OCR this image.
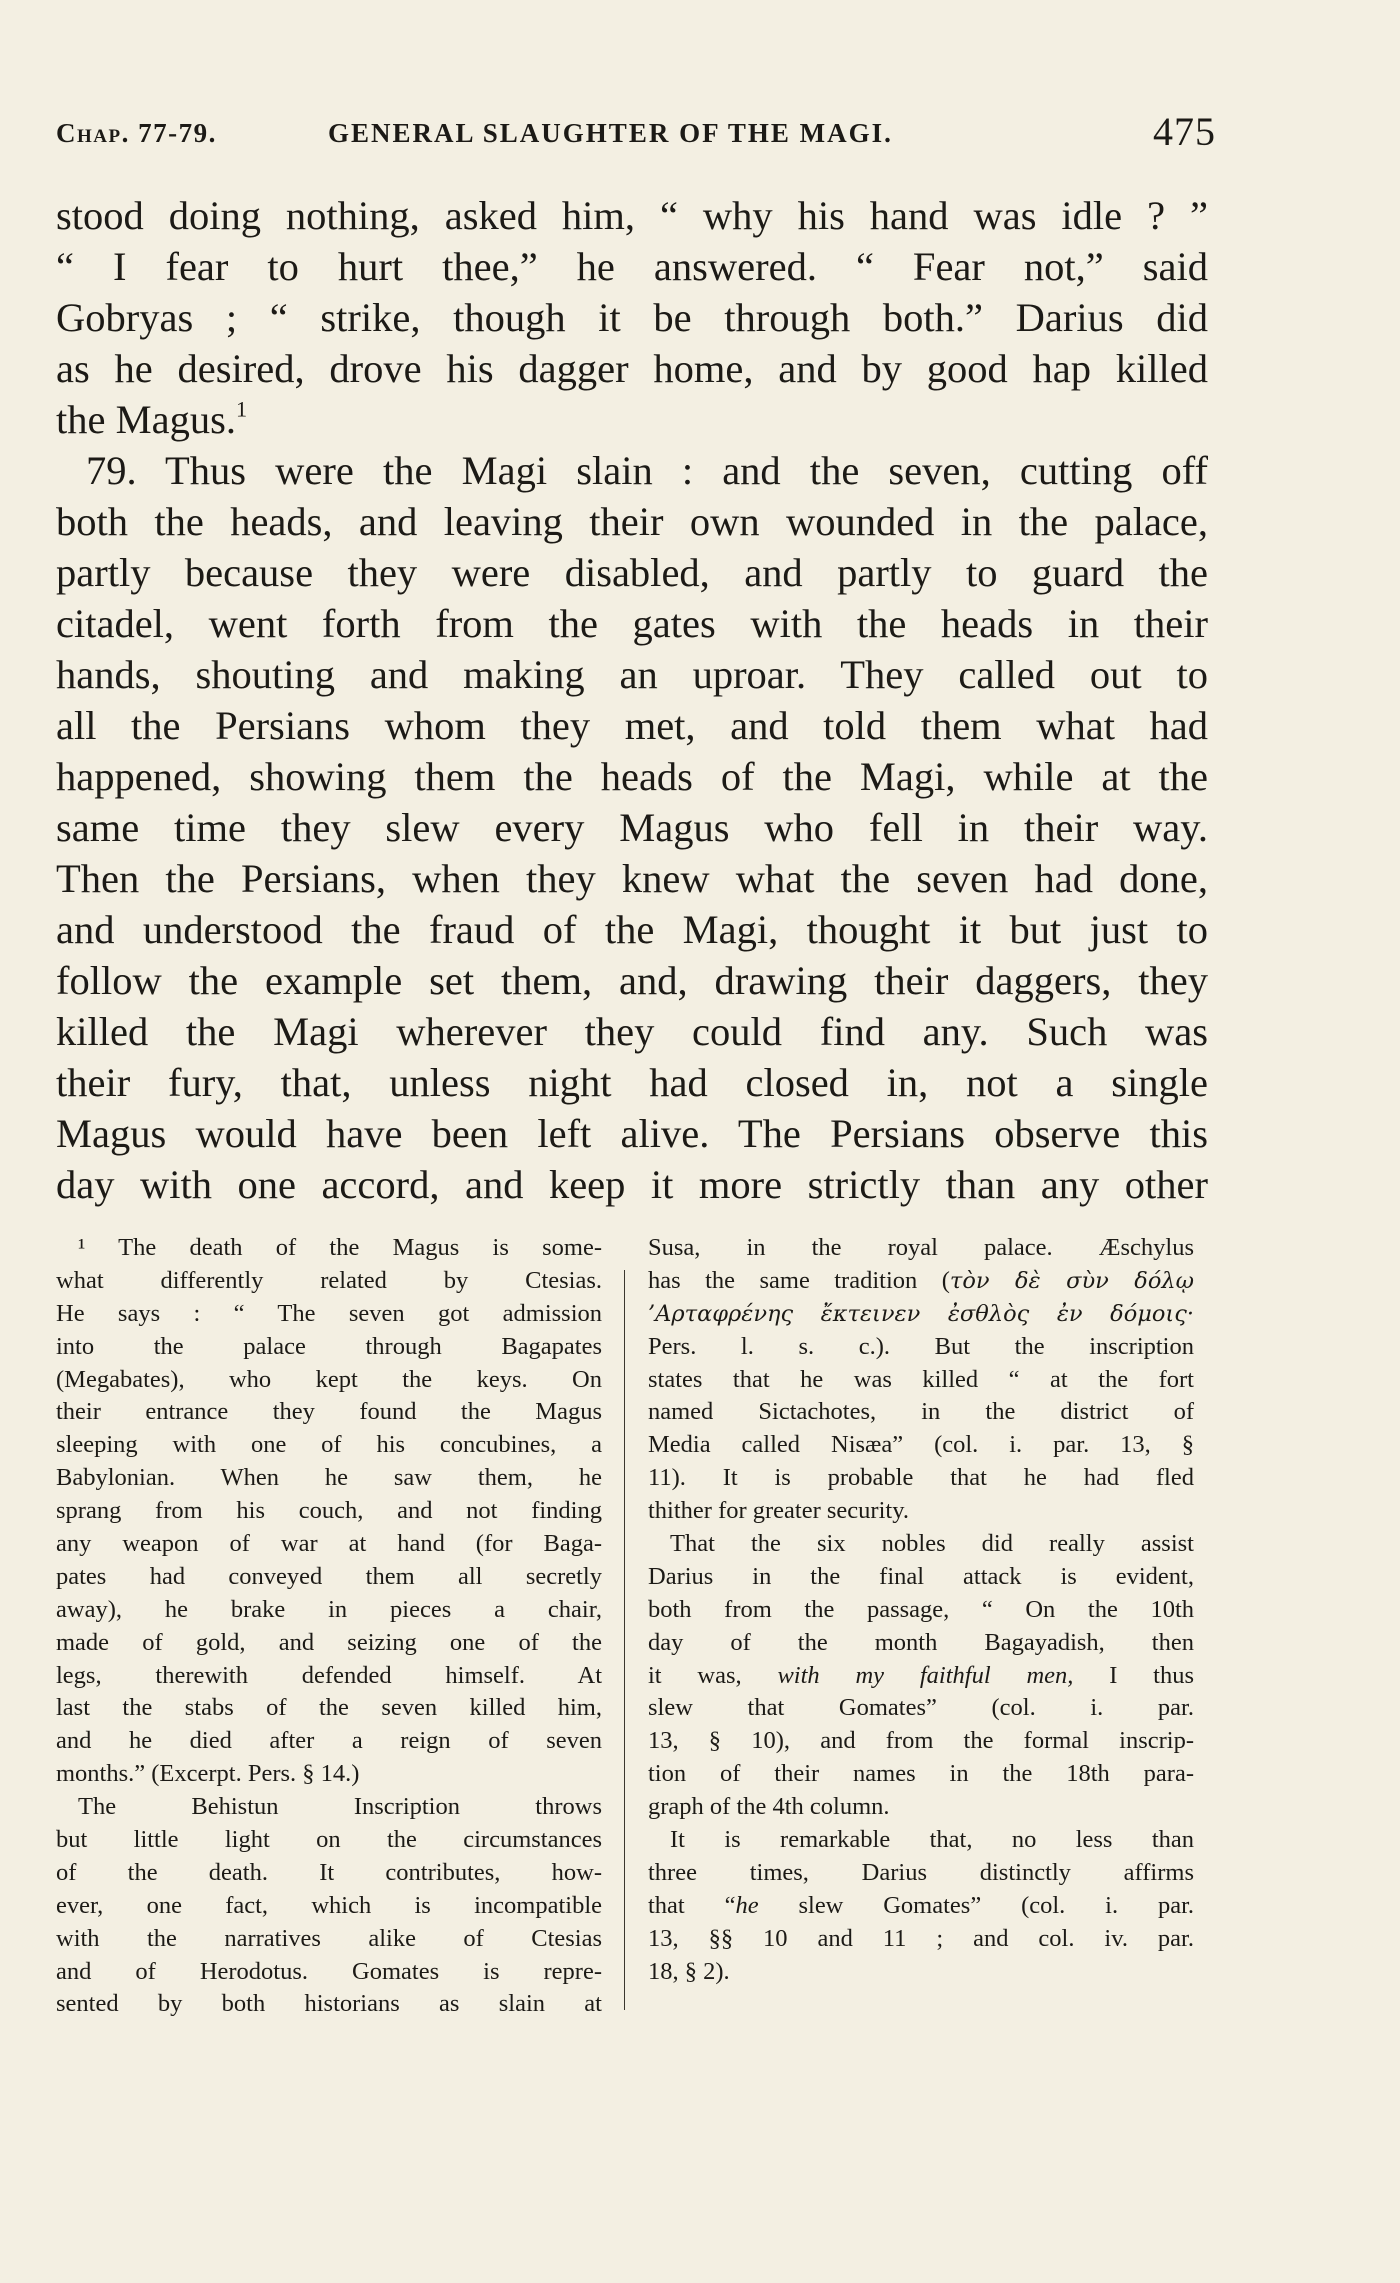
Chap. 77-79.	GENERAL SLAUGHTER OF THE MAGI.	475
stood doing nothing, asked him, “ why his hand was idle ? ”
“ I fear to hurt thee,” he answered. “ Fear not,” said
Gobryas ; “ strike, though it be through both.” Darius did
as he desired, drove his dagger home, and by good hap killed
the Magus.$^1$
79. Thus were the Magi slain : and the seven, cutting off
both the heads, and leaving their own wounded in the palace,
partly because they were disabled, and partly to guard the
citadel, went forth from the gates with the heads in their
hands, shouting and making an uproar. They called out to
all the Persians whom they met, and told them what had
happened, showing them the heads of the Magi, while at the
same time they slew every Magus who fell in their way.
Then the Persians, when they knew what the seven had done,
and understood the fraud of the Magi, thought it but just to
follow the example set them, and, drawing their daggers, they
killed the Magi wherever they could find any. Such was
their fury, that, unless night had closed in, not a single
Magus would have been left alive. The Persians observe this
day with one accord, and keep it more strictly than any other
¹ The death of the Magus is some-
what differently related by Ctesias.
He says : “ The seven got admission
into the palace through Bagapates
(Megabates), who kept the keys. On
their entrance they found the Magus
sleeping with one of his concubines, a
Babylonian. When he saw them, he
sprang from his couch, and not finding
any weapon of war at hand (for Baga-
pates had conveyed them all secretly
away), he brake in pieces a chair,
made of gold, and seizing one of the
legs, therewith defended himself. At
last the stabs of the seven killed him,
and he died after a reign of seven
months.” (Excerpt. Pers. § 14.)
The Behistun Inscription throws
but little light on the circumstances
of the death. It contributes, how-
ever, one fact, which is incompatible
with the narratives alike of Ctesias
and of Herodotus. Gomates is repre-
sented by both historians as slain at
Susa, in the royal palace. Æschylus
has the same tradition (τὸν δὲ σὺν δόλῳ
’Αρταφρένης ἔκτεινεν ἐσθλὸς ἐν δόμοις·
Pers. l. s. c.). But the inscription
states that he was killed “ at the fort
named Sictachotes, in the district of
Media called Nisæa” (col. i. par. 13, §
11). It is probable that he had fled
thither for greater security.
That the six nobles did really assist
Darius in the final attack is evident,
both from the passage, “ On the 10th
day of the month Bagayadish, then
it was, with my faithful men, I thus
slew that Gomates” (col. i. par.
13, § 10), and from the formal inscrip-
tion of their names in the 18th para-
graph of the 4th column.
It is remarkable that, no less than
three times, Darius distinctly affirms
that “he slew Gomates” (col. i. par.
13, §§ 10 and 11 ; and col. iv. par.
18, § 2).
